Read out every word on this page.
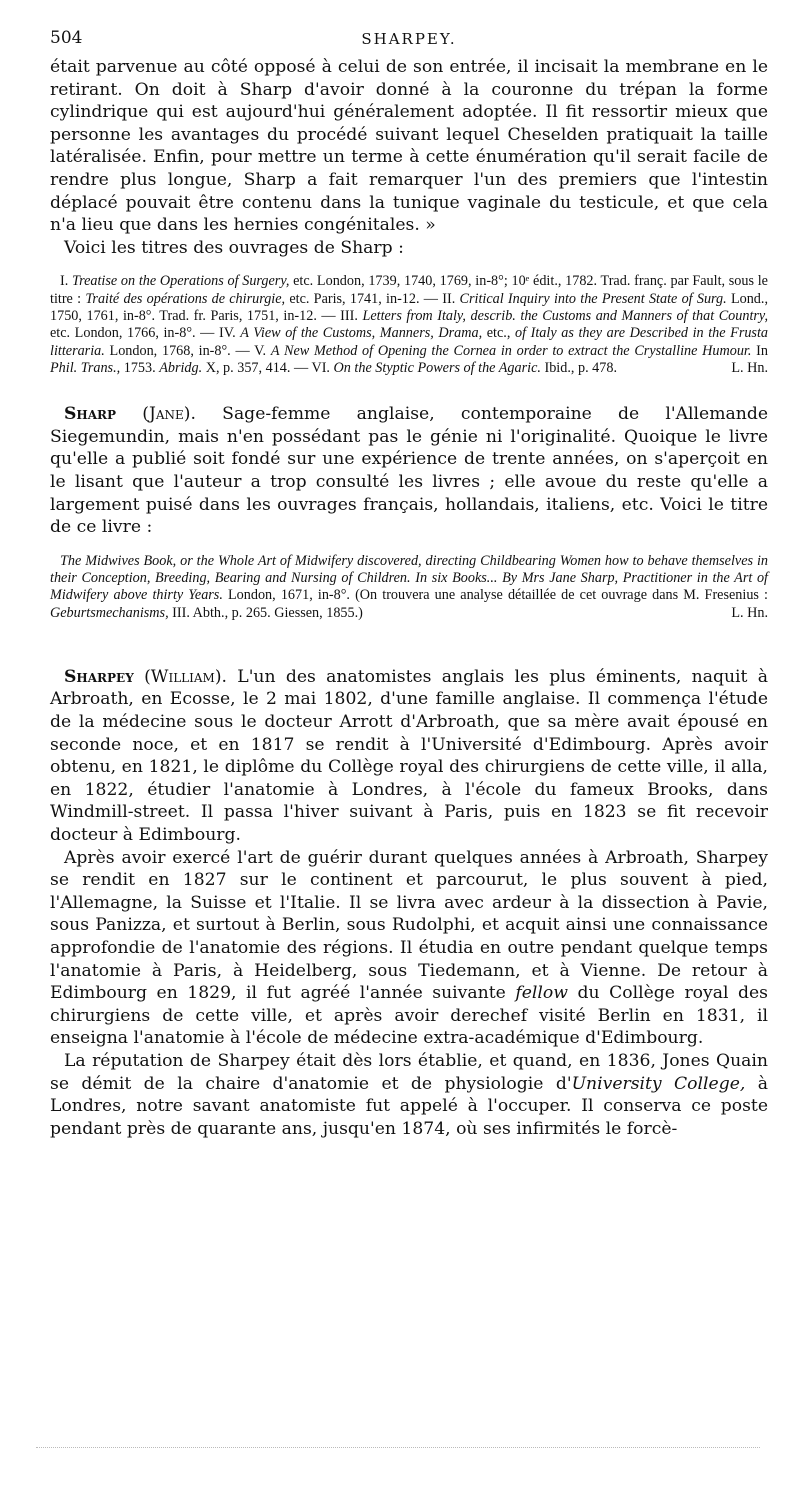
504	SHARPEY.

était parvenue au côté opposé à celui de son entrée, il incisait la membrane en le retirant. On doit à Sharp d'avoir donné à la couronne du trépan la forme cylindrique qui est aujourd'hui généralement adoptée. Il fit ressortir mieux que personne les avantages du procédé suivant lequel Cheselden pratiquait la taille latéralisée. Enfin, pour mettre un terme à cette énumération qu'il serait facile de rendre plus longue, Sharp a fait remarquer l'un des premiers que l'intestin déplacé pouvait être contenu dans la tunique vaginale du testicule, et que cela n'a lieu que dans les hernies congénitales. »

Voici les titres des ouvrages de Sharp :

I. Treatise on the Operations of Surgery, etc. London, 1739, 1740, 1769, in-8°; 10ᵉ édit., 1782. Trad. franç. par Fault, sous le titre : Traité des opérations de chirurgie, etc. Paris, 1741, in-12. — II. Critical Inquiry into the Present State of Surg. Lond., 1750, 1761, in-8°. Trad. fr. Paris, 1751, in-12. — III. Letters from Italy, describ. the Customs and Manners of that Country, etc. London, 1766, in-8°. — IV. A View of the Customs, Manners, Drama, etc., of Italy as they are Described in the Frusta litteraria. London, 1768, in-8°. — V. A New Method of Opening the Cornea in order to extract the Crystalline Humour. In Phil. Trans., 1753. Abridg. X, p. 357, 414. — VI. On the Styptic Powers of the Agaric. Ibid., p. 478.	L. Hn.

Sharp (Jane). Sage-femme anglaise, contemporaine de l'Allemande Siegemundin, mais n'en possédant pas le génie ni l'originalité. Quoique le livre qu'elle a publié soit fondé sur une expérience de trente années, on s'aperçoit en le lisant que l'auteur a trop consulté les livres ; elle avoue du reste qu'elle a largement puisé dans les ouvrages français, hollandais, italiens, etc. Voici le titre de ce livre :

The Midwives Book, or the Whole Art of Midwifery discovered, directing Childbearing Women how to behave themselves in their Conception, Breeding, Bearing and Nursing of Children. In six Books... By Mrs Jane Sharp, Practitioner in the Art of Midwifery above thirty Years. London, 1671, in-8°. (On trouvera une analyse détaillée de cet ouvrage dans M. Fresenius : Geburtsmechanisms, III. Abth., p. 265. Giessen, 1855.)	L. Hn.

Sharpey (William). L'un des anatomistes anglais les plus éminents, naquit à Arbroath, en Ecosse, le 2 mai 1802, d'une famille anglaise. Il commença l'étude de la médecine sous le docteur Arrott d'Arbroath, que sa mère avait épousé en seconde noce, et en 1817 se rendit à l'Université d'Edimbourg. Après avoir obtenu, en 1821, le diplôme du Collège royal des chirurgiens de cette ville, il alla, en 1822, étudier l'anatomie à Londres, à l'école du fameux Brooks, dans Windmill-street. Il passa l'hiver suivant à Paris, puis en 1823 se fit recevoir docteur à Edimbourg.

Après avoir exercé l'art de guérir durant quelques années à Arbroath, Sharpey se rendit en 1827 sur le continent et parcourut, le plus souvent à pied, l'Allemagne, la Suisse et l'Italie. Il se livra avec ardeur à la dissection à Pavie, sous Panizza, et surtout à Berlin, sous Rudolphi, et acquit ainsi une connaissance approfondie de l'anatomie des régions. Il étudia en outre pendant quelque temps l'anatomie à Paris, à Heidelberg, sous Tiedemann, et à Vienne. De retour à Edimbourg en 1829, il fut agréé l'année suivante fellow du Collège royal des chirurgiens de cette ville, et après avoir derechef visité Berlin en 1831, il enseigna l'anatomie à l'école de médecine extra-académique d'Edimbourg.

La réputation de Sharpey était dès lors établie, et quand, en 1836, Jones Quain se démit de la chaire d'anatomie et de physiologie d'University College, à Londres, notre savant anatomiste fut appelé à l'occuper. Il conserva ce poste pendant près de quarante ans, jusqu'en 1874, où ses infirmités le forcè-
